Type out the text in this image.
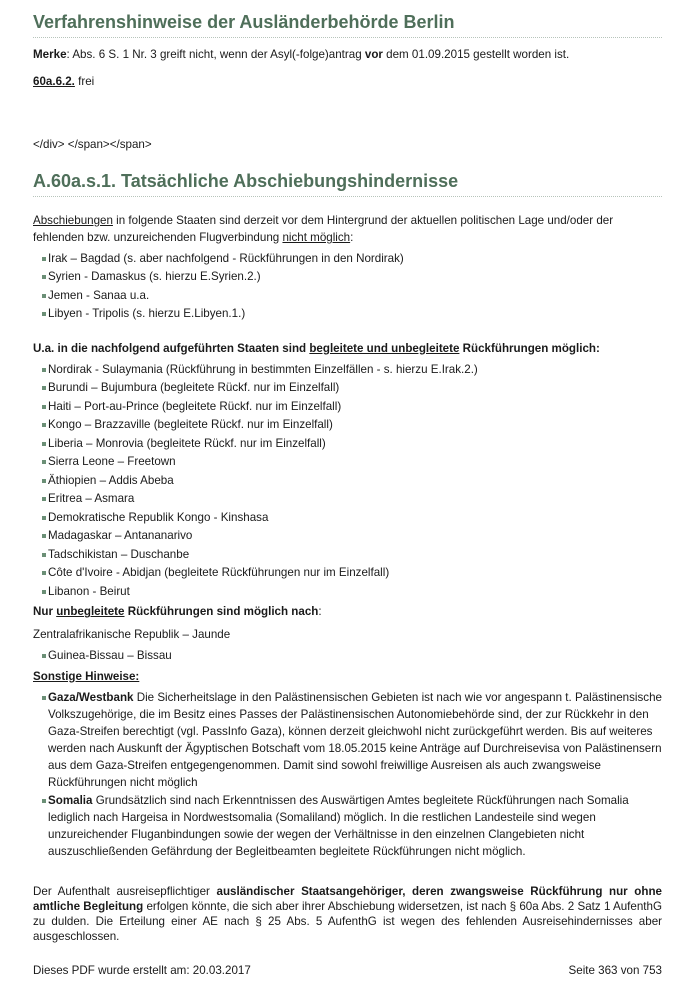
Verfahrenshinweise der Ausländerbehörde Berlin

Merke: Abs. 6 S. 1 Nr. 3 greift nicht, wenn der Asyl(-folge)antrag vor dem 01.09.2015 gestellt worden ist.

60a.6.2. frei

</div> </span></span>

A.60a.s.1. Tatsächliche Abschiebungshindernisse

Abschiebungen in folgende Staaten sind derzeit vor dem Hintergrund der aktuellen politischen Lage und/oder der fehlenden bzw. unzureichenden Flugverbindung nicht möglich:

Irak – Bagdad (s. aber nachfolgend - Rückführungen in den Nordirak)
Syrien - Damaskus (s. hierzu E.Syrien.2.)
Jemen - Sanaa u.a.
Libyen - Tripolis (s. hierzu E.Libyen.1.)

U.a. in die nachfolgend aufgeführten Staaten sind begleitete und unbegleitete Rückführungen möglich:

Nordirak - Sulaymania (Rückführung in bestimmten Einzelfällen - s. hierzu E.Irak.2.)
Burundi – Bujumbura (begleitete Rückf. nur im Einzelfall)
Haiti – Port-au-Prince (begleitete Rückf. nur im Einzelfall)
Kongo – Brazzaville (begleitete Rückf. nur im Einzelfall)
Liberia – Monrovia (begleitete Rückf. nur im Einzelfall)
Sierra Leone – Freetown
Äthiopien – Addis Abeba
Eritrea – Asmara
Demokratische Republik Kongo - Kinshasa
Madagaskar – Antananarivo
Tadschikistan – Duschanbe
Côte d'Ivoire - Abidjan (begleitete Rückführungen nur im Einzelfall)
Libanon - Beirut

Nur unbegleitete Rückführungen sind möglich nach:

Zentralafrikanische Republik – Jaunde

Guinea-Bissau – Bissau

Sonstige Hinweise:

Gaza/Westbank Die Sicherheitslage in den Palästinensischen Gebieten ist nach wie vor angespann t. Palästinensische Volkszugehörige, die im Besitz eines Passes der Palästinensischen Autonomiebehörde sind, der zur Rückkehr in den Gaza-Streifen berechtigt (vgl. PassInfo Gaza), können derzeit gleichwohl nicht zurückgeführt werden. Bis auf weiteres werden nach Auskunft der Ägyptischen Botschaft vom 18.05.2015 keine Anträge auf Durchreisevisa von Palästinensern aus dem Gaza-Streifen entgegengenommen. Damit sind sowohl freiwillige Ausreisen als auch zwangsweise Rückführungen nicht möglich
Somalia Grundsätzlich sind nach Erkenntnissen des Auswärtigen Amtes begleitete Rückführungen nach Somalia lediglich nach Hargeisa in Nordwestsomalia (Somaliland) möglich. In die restlichen Landesteile sind wegen unzureichender Fluganbindungen sowie der wegen der Verhältnisse in den einzelnen Clangebieten nicht auszuschließenden Gefährdung der Begleitbeamten begleitete Rückführungen nicht möglich.

Der Aufenthalt ausreisepflichtiger ausländischer Staatsangehöriger, deren zwangsweise Rückführung nur ohne amtliche Begleitung erfolgen könnte, die sich aber ihrer Abschiebung widersetzen, ist nach § 60a Abs. 2 Satz 1 AufenthG zu dulden. Die Erteilung einer AE nach § 25 Abs. 5 AufenthG ist wegen des fehlenden Ausreisehindernisses aber ausgeschlossen.

Dieses PDF wurde erstellt am: 20.03.2017	Seite 363 von 753
